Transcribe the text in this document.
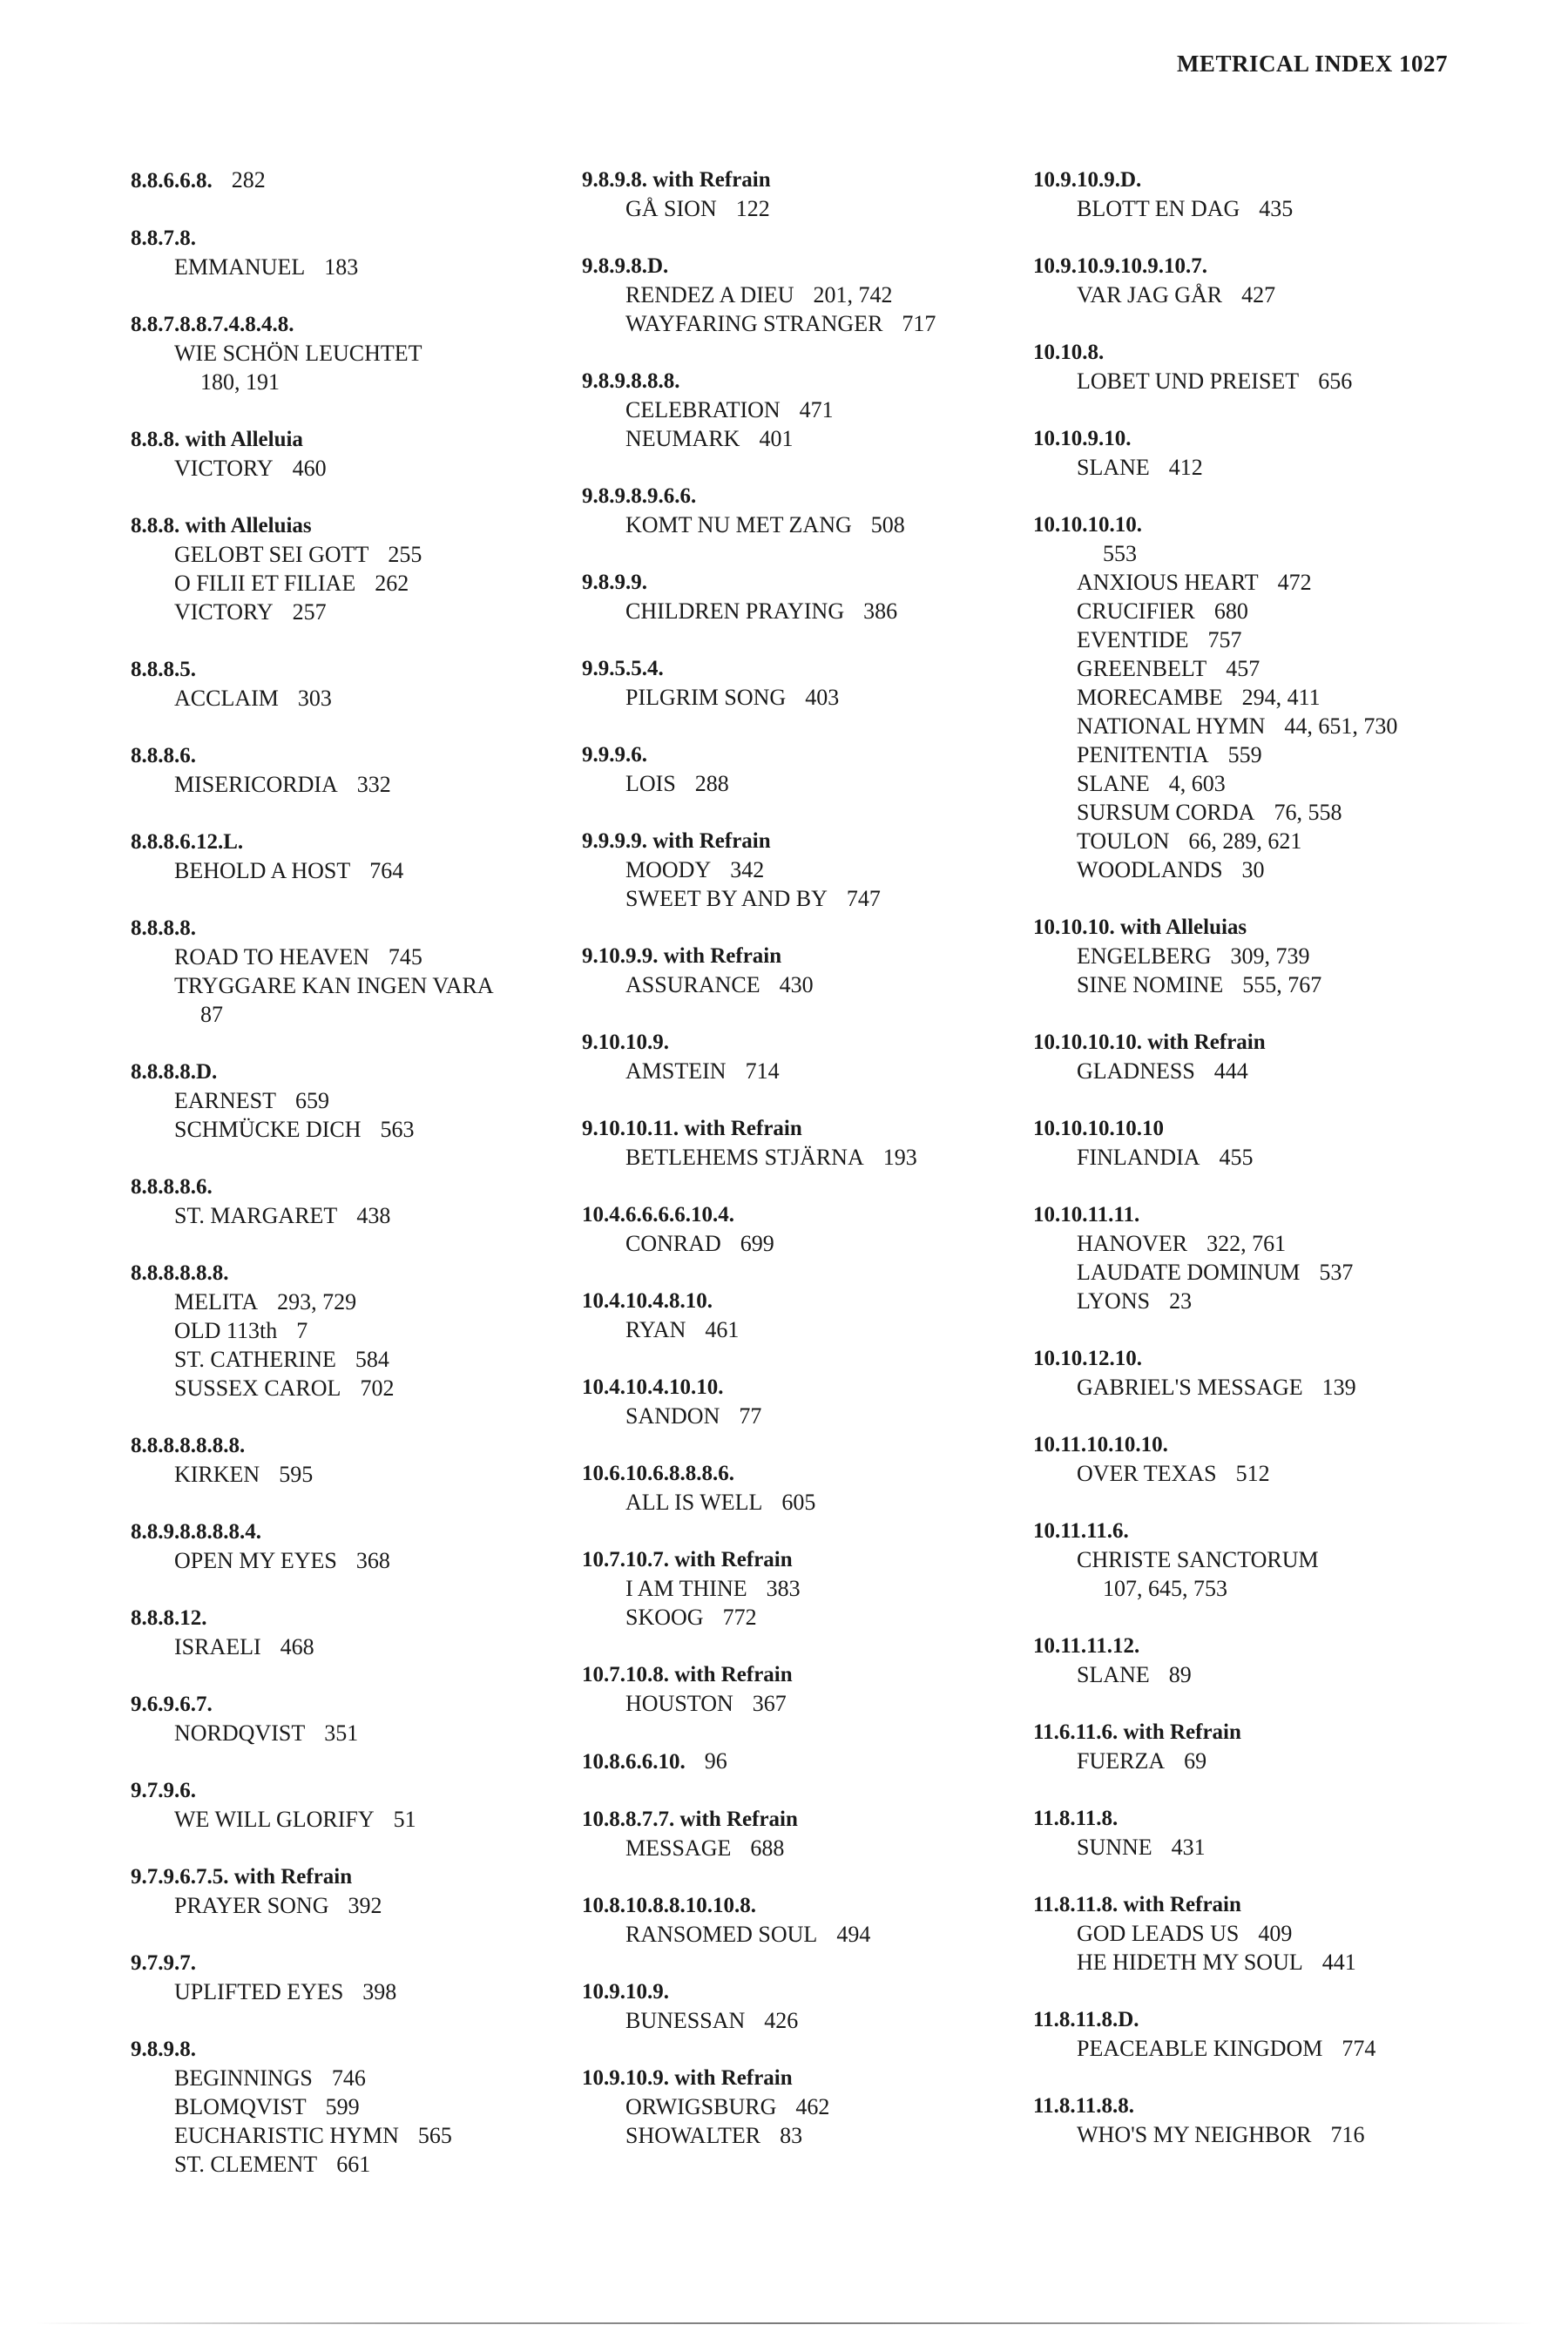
METRICAL INDEX 1027
8.8.6.6.8. 282
8.8.7.8.
EMMANUEL 183
8.8.7.8.8.7.4.8.4.8.
WIE SCHÖN LEUCHTET
180, 191
8.8.8. with Alleluia
VICTORY 460
8.8.8. with Alleluias
GELOBT SEI GOTT 255
O FILII ET FILIAE 262
VICTORY 257
8.8.8.5.
ACCLAIM 303
8.8.8.6.
MISERICORDIA 332
8.8.8.6.12.L.
BEHOLD A HOST 764
8.8.8.8.
ROAD TO HEAVEN 745
TRYGGARE KAN INGEN VARA
87
8.8.8.8.D.
EARNEST 659
SCHMÜCKE DICH 563
8.8.8.8.6.
ST. MARGARET 438
8.8.8.8.8.8.
MELITA 293, 729
OLD 113th 7
ST. CATHERINE 584
SUSSEX CAROL 702
8.8.8.8.8.8.8.
KIRKEN 595
8.8.9.8.8.8.8.4.
OPEN MY EYES 368
8.8.8.12.
ISRAELI 468
9.6.9.6.7.
NORDQVIST 351
9.7.9.6.
WE WILL GLORIFY 51
9.7.9.6.7.5. with Refrain
PRAYER SONG 392
9.7.9.7.
UPLIFTED EYES 398
9.8.9.8.
BEGINNINGS 746
BLOMQVIST 599
EUCHARISTIC HYMN 565
ST. CLEMENT 661
9.8.9.8. with Refrain
GÅ SION 122
9.8.9.8.D.
RENDEZ A DIEU 201, 742
WAYFARING STRANGER 717
9.8.9.8.8.8.
CELEBRATION 471
NEUMARK 401
9.8.9.8.9.6.6.
KOMT NU MET ZANG 508
9.8.9.9.
CHILDREN PRAYING 386
9.9.5.5.4.
PILGRIM SONG 403
9.9.9.6.
LOIS 288
9.9.9.9. with Refrain
MOODY 342
SWEET BY AND BY 747
9.10.9.9. with Refrain
ASSURANCE 430
9.10.10.9.
AMSTEIN 714
9.10.10.11. with Refrain
BETLEHEMS STJÄRNA 193
10.4.6.6.6.6.10.4.
CONRAD 699
10.4.10.4.8.10.
RYAN 461
10.4.10.4.10.10.
SANDON 77
10.6.10.6.8.8.8.6.
ALL IS WELL 605
10.7.10.7. with Refrain
I AM THINE 383
SKOOG 772
10.7.10.8. with Refrain
HOUSTON 367
10.8.6.6.10. 96
10.8.8.7.7. with Refrain
MESSAGE 688
10.8.10.8.8.10.10.8.
RANSOMED SOUL 494
10.9.10.9.
BUNESSAN 426
10.9.10.9. with Refrain
ORWIGSBURG 462
SHOWALTER 83
10.9.10.9.D.
BLOTT EN DAG 435
10.9.10.9.10.9.10.7.
VAR JAG GÅR 427
10.10.8.
LOBET UND PREISET 656
10.10.9.10.
SLANE 412
10.10.10.10.
553
ANXIOUS HEART 472
CRUCIFIER 680
EVENTIDE 757
GREENBELT 457
MORECAMBE 294, 411
NATIONAL HYMN 44, 651, 730
PENITENTIA 559
SLANE 4, 603
SURSUM CORDA 76, 558
TOULON 66, 289, 621
WOODLANDS 30
10.10.10. with Alleluias
ENGELBERG 309, 739
SINE NOMINE 555, 767
10.10.10.10. with Refrain
GLADNESS 444
10.10.10.10.10
FINLANDIA 455
10.10.11.11.
HANOVER 322, 761
LAUDATE DOMINUM 537
LYONS 23
10.10.12.10.
GABRIEL'S MESSAGE 139
10.11.10.10.10.
OVER TEXAS 512
10.11.11.6.
CHRISTE SANCTORUM
107, 645, 753
10.11.11.12.
SLANE 89
11.6.11.6. with Refrain
FUERZA 69
11.8.11.8.
SUNNE 431
11.8.11.8. with Refrain
GOD LEADS US 409
HE HIDETH MY SOUL 441
11.8.11.8.D.
PEACEABLE KINGDOM 774
11.8.11.8.8.
WHO'S MY NEIGHBOR 716
